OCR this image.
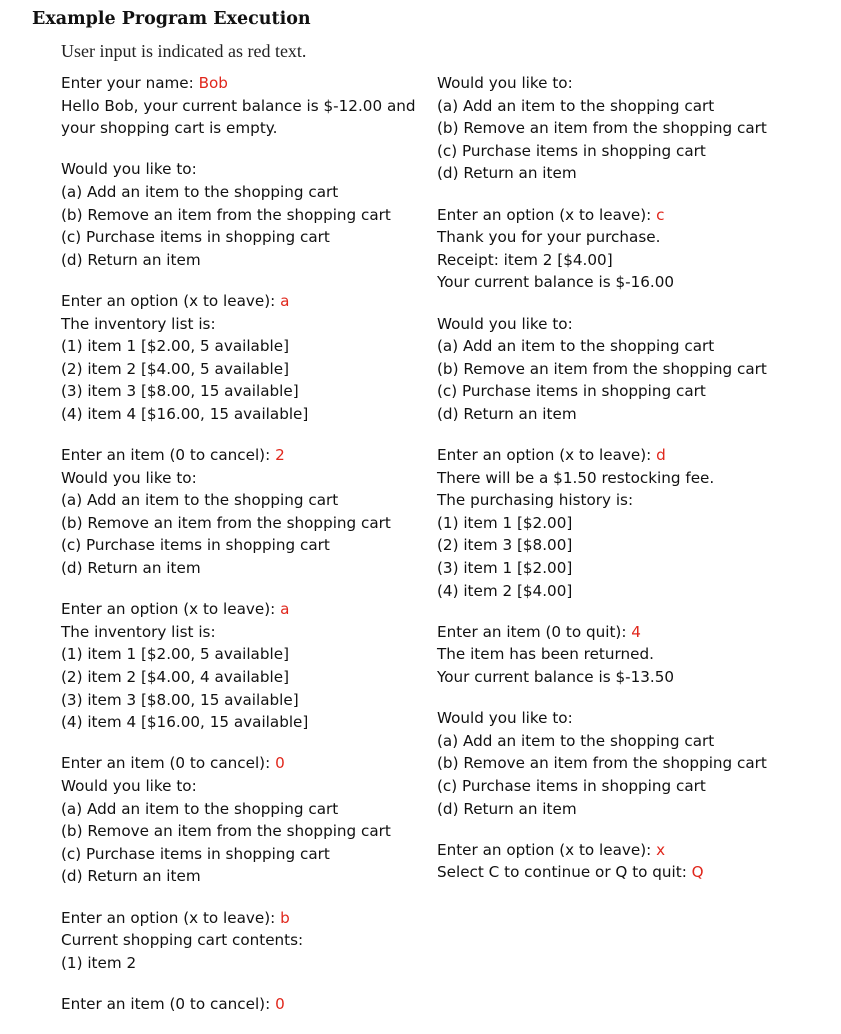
Example Program Execution
User input is indicated as red text.
Enter your name: Bob
Hello Bob, your current balance is $-12.00 and your shopping cart is empty.
Would you like to:
(a) Add an item to the shopping cart
(b) Remove an item from the shopping cart
(c) Purchase items in shopping cart
(d) Return an item
Enter an option (x to leave): a
The inventory list is:
(1) item 1 [$2.00, 5 available]
(2) item 2 [$4.00, 5 available]
(3) item 3 [$8.00, 15 available]
(4) item 4 [$16.00, 15 available]
Enter an item (0 to cancel): 2
Would you like to:
(a) Add an item to the shopping cart
(b) Remove an item from the shopping cart
(c) Purchase items in shopping cart
(d) Return an item
Enter an option (x to leave): a
The inventory list is:
(1) item 1 [$2.00, 5 available]
(2) item 2 [$4.00, 4 available]
(3) item 3 [$8.00, 15 available]
(4) item 4 [$16.00, 15 available]
Enter an item (0 to cancel): 0
Would you like to:
(a) Add an item to the shopping cart
(b) Remove an item from the shopping cart
(c) Purchase items in shopping cart
(d) Return an item
Enter an option (x to leave): b
Current shopping cart contents:
(1) item 2
Enter an item (0 to cancel): 0
Would you like to:
(a) Add an item to the shopping cart
(b) Remove an item from the shopping cart
(c) Purchase items in shopping cart
(d) Return an item
Enter an option (x to leave): c
Thank you for your purchase.
Receipt: item 2 [$4.00]
Your current balance is $-16.00
Would you like to:
(a) Add an item to the shopping cart
(b) Remove an item from the shopping cart
(c) Purchase items in shopping cart
(d) Return an item
Enter an option (x to leave): d
There will be a $1.50 restocking fee.
The purchasing history is:
(1) item 1 [$2.00]
(2) item 3 [$8.00]
(3) item 1 [$2.00]
(4) item 2 [$4.00]
Enter an item (0 to quit): 4
The item has been returned.
Your current balance is $-13.50
Would you like to:
(a) Add an item to the shopping cart
(b) Remove an item from the shopping cart
(c) Purchase items in shopping cart
(d) Return an item
Enter an option (x to leave): x
Select C to continue or Q to quit: Q
